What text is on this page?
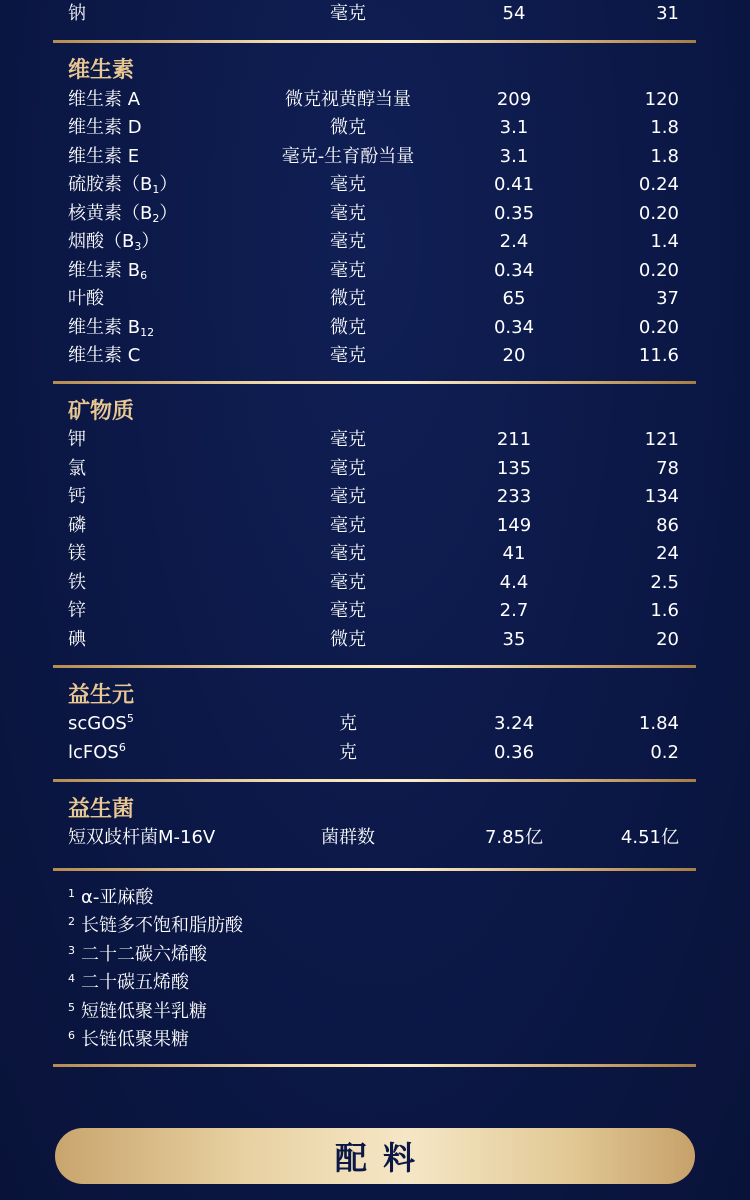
钠	毫克	54	31
维生素
维生素 A	微克视黄醇当量	209	120
维生素 D	微克	3.1	1.8
维生素 E	毫克-生育酚当量	3.1	1.8
硫胺素（B1）	毫克	0.41	0.24
核黄素（B2）	毫克	0.35	0.20
烟酸（B3）	毫克	2.4	1.4
维生素 B6	毫克	0.34	0.20
叶酸	微克	65	37
维生素 B12	微克	0.34	0.20
维生素 C	毫克	20	11.6
矿物质
钾	毫克	211	121
氯	毫克	135	78
钙	毫克	233	134
磷	毫克	149	86
镁	毫克	41	24
铁	毫克	4.4	2.5
锌	毫克	2.7	1.6
碘	微克	35	20
益生元
scGOS$^5$	克	3.24	1.84
lcFOS$^6$	克	0.36	0.2
益生菌
短双歧杆菌M-16V	菌群数	7.85亿	4.51亿
$^1$ α-亚麻酸
$^2$ 长链多不饱和脂肪酸
$^3$ 二十二碳六烯酸
$^4$ 二十碳五烯酸
$^5$ 短链低聚半乳糖
$^6$ 长链低聚果糖
配料
